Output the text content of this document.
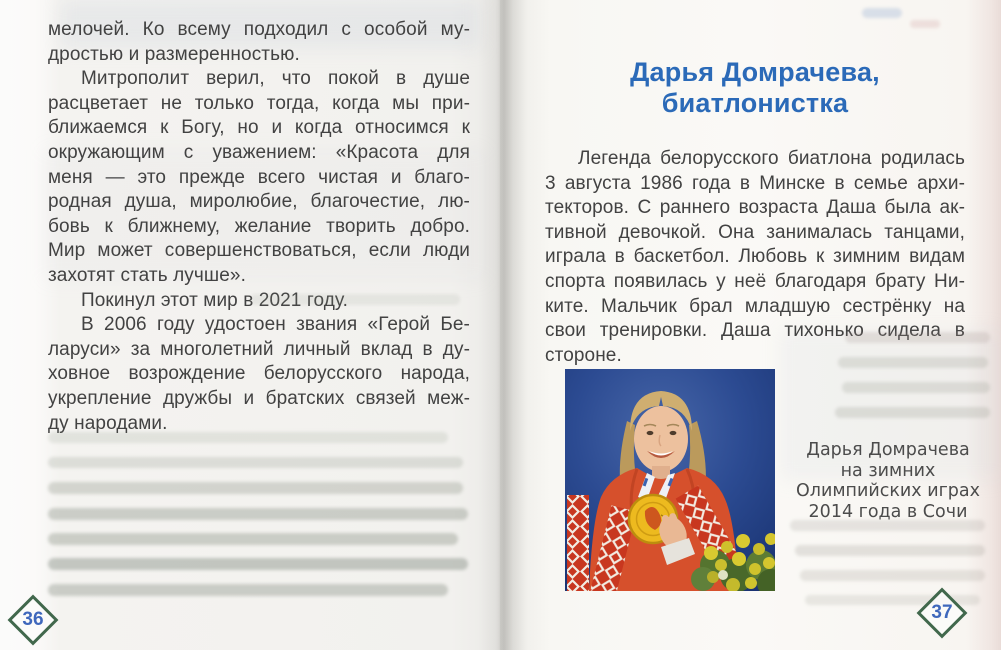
мелочей. Ко всему подходил с особой му-
дростью и размеренностью.
Митрополит верил, что покой в душе
расцветает не только тогда, когда мы при-
ближаемся к Богу, но и когда относимся к
окружающим с уважением: «Красота для
меня — это прежде всего чистая и благо-
родная душа, миролюбие, благочестие, лю-
бовь к ближнему, желание творить добро.
Мир может совершенствоваться, если люди
захотят стать лучше».
Покинул этот мир в 2021 году.
В 2006 году удостоен звания «Герой Бе-
ларуси» за многолетний личный вклад в ду-
ховное возрождение белорусского народа,
укрепление дружбы и братских связей меж-
ду народами.
Дарья Домрачева,
биатлонистка
Легенда белорусского биатлона родилась
3 августа 1986 года в Минске в семье архи-
текторов. С раннего возраста Даша была ак-
тивной девочкой. Она занималась танцами,
играла в баскетбол. Любовь к зимним видам
спорта появилась у неё благодаря брату Ни-
ките. Мальчик брал младшую сестрёнку на
свои тренировки. Даша тихонько сидела в
стороне.
Дарья Домрачева
на зимних
Олимпийских играх
2014 года в Сочи
36	37
